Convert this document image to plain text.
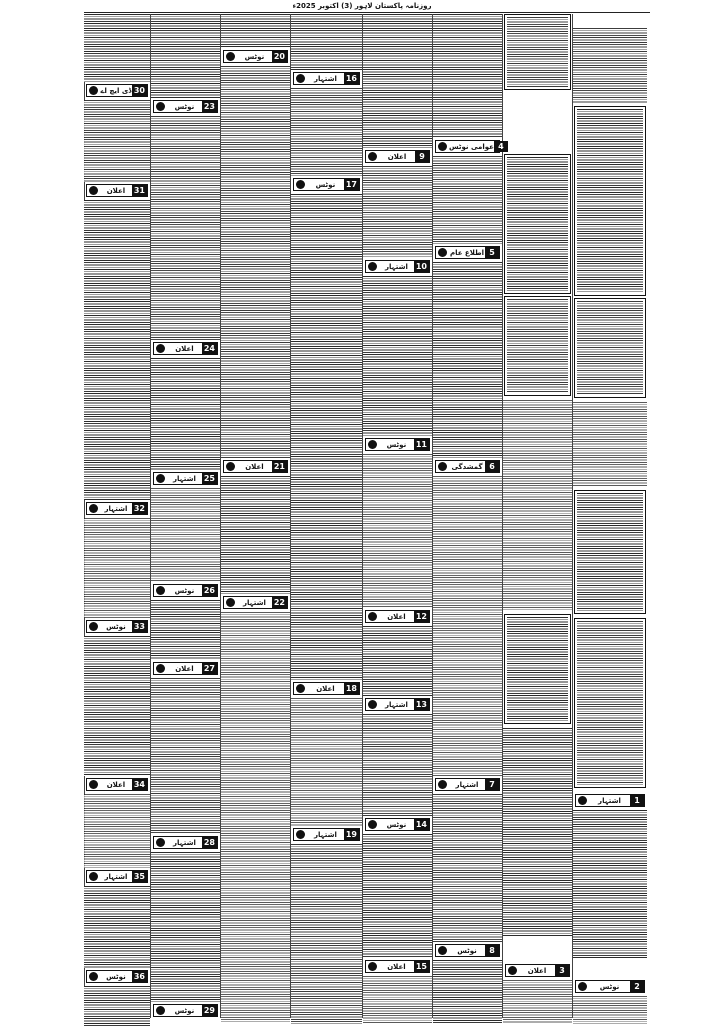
روزنامہ پاکستان لاہور (3) اکتوبر 2025ء
ڈی ایچ اے 30
اعلان	31
اشتہار 32
نوٹس	33
اعلان	34
اشتہار 35
نوٹس	36
نوٹس	23
اعلان	24
اشتہار 25
نوٹس	26
اعلان	27
اشتہار 28
نوٹس	29
نوٹس	20
اعلان	21
اشتہار 22
اشتہار	16
نوٹس	17
اعلان	18
اشتہار	19
اعلان	9
اشتہار 10
نوٹس	11
اعلان	12
اشتہار 13
نوٹس	14
اعلان	15
عوامی نوٹس 4
اطلاع عام 5
گمشدگی 6
اشتہار	7
نوٹس	8
اعلان	3
اشتہار	1
نوٹس	2
